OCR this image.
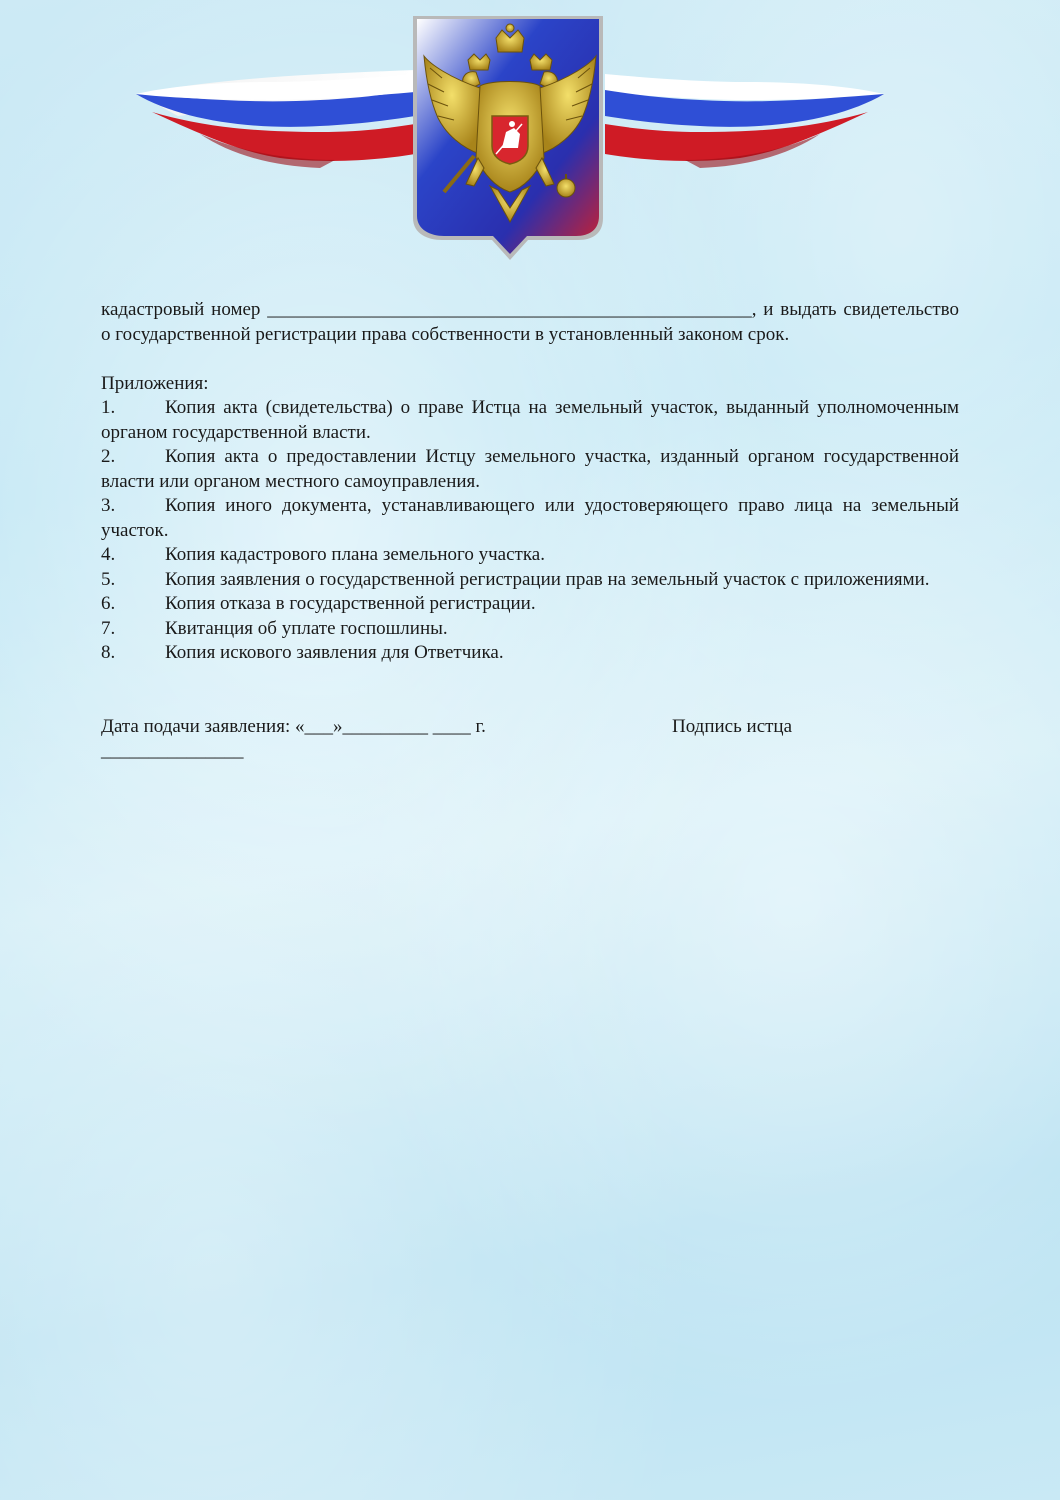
кадастровый номер ___________________________________________________, и выдать свидетельство о государственной регистрации права собственности в установленный законом срок.

Приложения:

1.	Копия акта (свидетельства) о праве Истца на земельный участок, выданный уполномоченным органом государственной власти.

2.	Копия акта о предоставлении Истцу земельного участка, изданный органом государственной власти или органом местного самоуправления.

3.	Копия иного документа, устанавливающего или удостоверяющего право лица на земельный участок.

4.	Копия кадастрового плана земельного участка.

5.	Копия заявления о государственной регистрации прав на земельный участок с приложениями.

6.	Копия отказа в государственной регистрации.

7.	Квитанция об уплате госпошлины.

8.	Копия искового заявления для Ответчика.

Дата подачи заявления: «___»_________ ____ г.	Подпись истца
_______________
